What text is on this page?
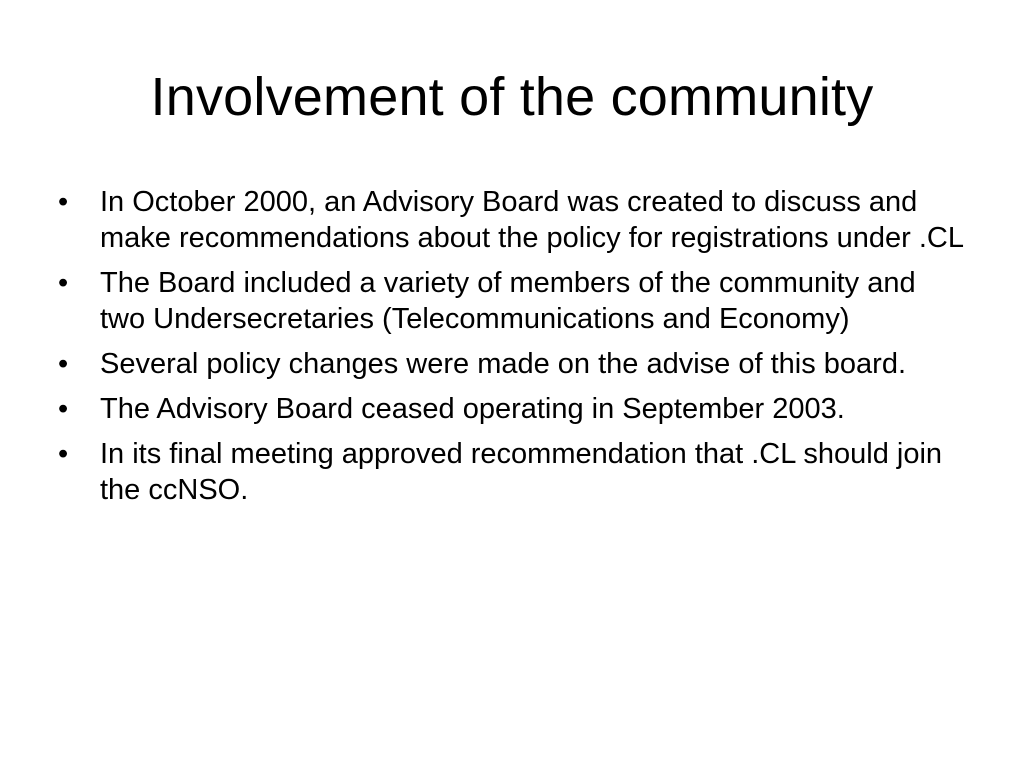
Involvement of the community
•	In October 2000, an Advisory Board was created to discuss and make recommendations about the policy for registrations under .CL
•	The Board included a variety of members of the community and two Undersecretaries (Telecommunications and Economy)
•	Several policy changes were made on the advise of this board.
•	The Advisory Board ceased operating in September 2003.
•	In its final meeting approved recommendation that .CL should join the ccNSO.
